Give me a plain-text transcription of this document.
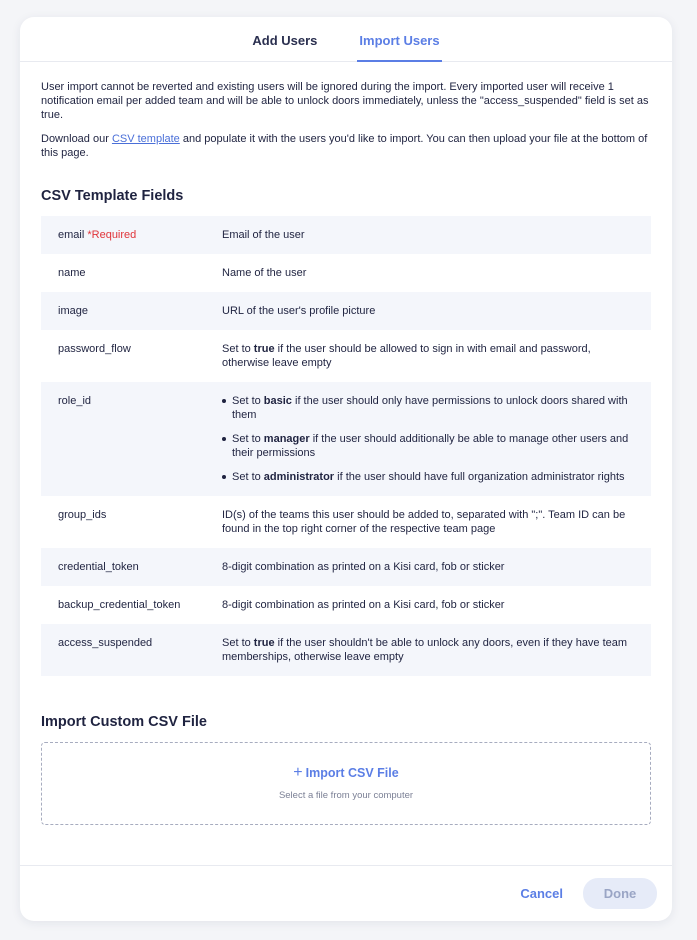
Add Users	Import Users

User import cannot be reverted and existing users will be ignored during the import. Every imported user will receive 1 notification email per added team and will be able to unlock doors immediately, unless the "access_suspended" field is set as true.

Download our CSV template and populate it with the users you'd like to import. You can then upload your file at the bottom of this page.

CSV Template Fields
email *Required	Email of the user
name	Name of the user
image	URL of the user's profile picture
password_flow	Set to true if the user should be allowed to sign in with email and password, otherwise leave empty
role_id	Set to basic if the user should only have permissions to unlock doors shared with them
Set to manager if the user should additionally be able to manage other users and their permissions
Set to administrator if the user should have full organization administrator rights
group_ids	ID(s) of the teams this user should be added to, separated with ";". Team ID can be found in the top right corner of the respective team page
credential_token	8-digit combination as printed on a Kisi card, fob or sticker
backup_credential_token	8-digit combination as printed on a Kisi card, fob or sticker
access_suspended	Set to true if the user shouldn't be able to unlock any doors, even if they have team memberships, otherwise leave empty
Import Custom CSV File
+ Import CSV File
Select a file from your computer
Cancel	Done
